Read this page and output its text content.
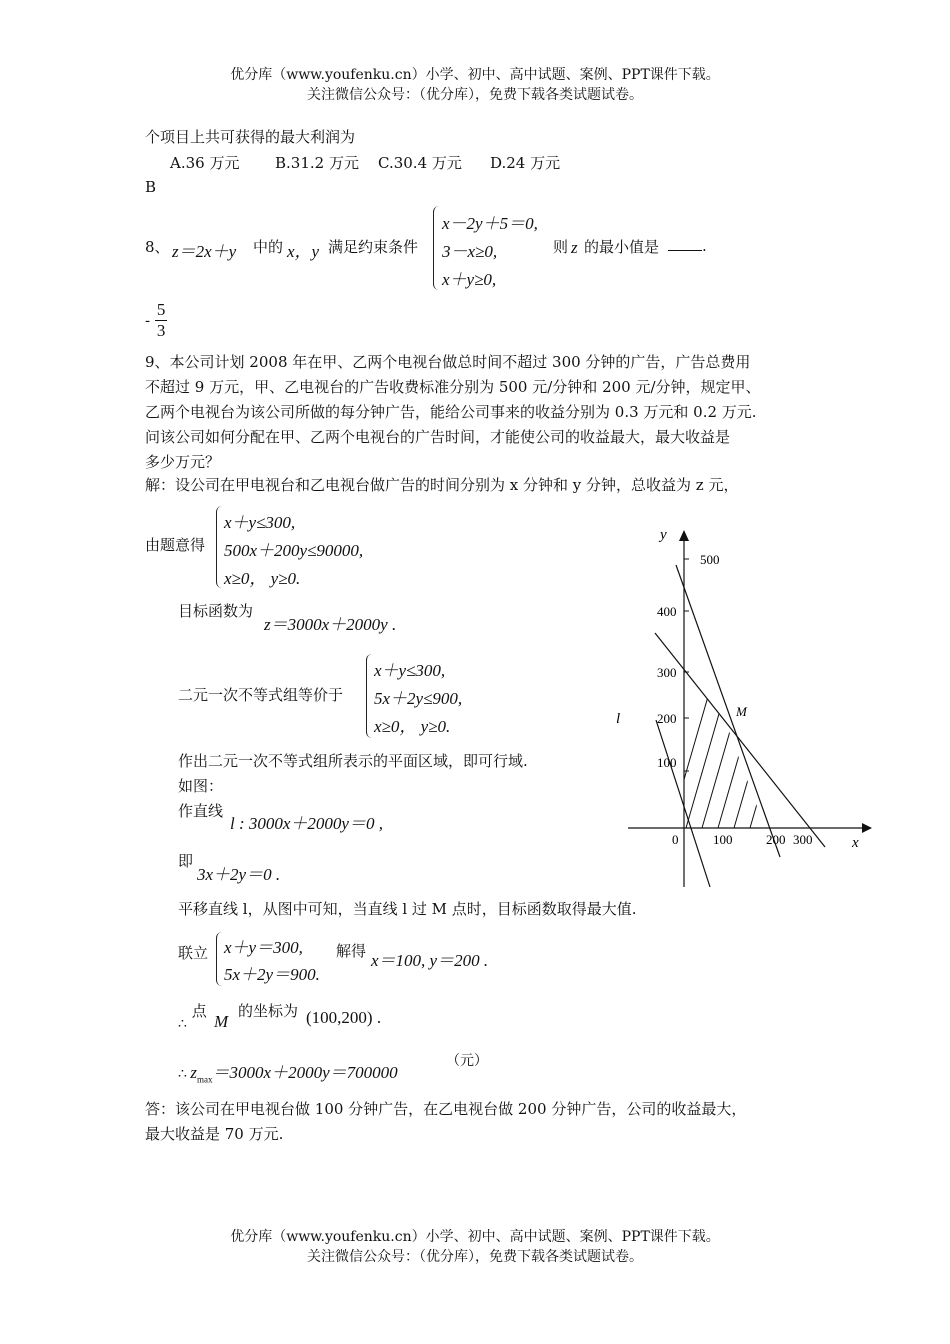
优分库（www.youfenku.cn）小学、初中、高中试题、案例、PPT课件下载。
关注微信公众号：（优分库），免费下载各类试题试卷。
个项目上共可获得的最大利润为
A.36 万元 B.31.2 万元 C.30.4 万元 D.24 万元
B
8、 z＝2x＋y 中的 x，y 满足约束条件
x－2y＋5＝0,
3－x≥0,
x＋y≥0,
则 z 的最小值是	.
- $\frac{5}{3}$
9、本公司计划 2008 年在甲、乙两个电视台做总时间不超过 300 分钟的广告，广告总费用
不超过 9 万元，甲、乙电视台的广告收费标准分别为 500 元/分钟和 200 元/分钟，规定甲、
乙两个电视台为该公司所做的每分钟广告，能给公司事来的收益分别为 0.3 万元和 0.2 万元.
问该公司如何分配在甲、乙两个电视台的广告时间，才能使公司的收益最大，最大收益是
多少万元？
解：设公司在甲电视台和乙电视台做广告的时间分别为 x 分钟和 y 分钟，总收益为 z 元，
由题意得
x＋y≤300,
500x＋200y≤90000,
x≥0， y≥0.
目标函数为
z＝3000x＋2000y .
二元一次不等式组等价于
x＋y≤300,
5x＋2y≤900,
x≥0， y≥0.
作出二元一次不等式组所表示的平面区域，即可行域.
如图：
作直线
l : 3000x＋2000y＝0 ,
即
3x＋2y＝0 .
平移直线 l，从图中可知，当直线 l 过 M 点时，目标函数取得最大值.
联立 x＋y＝300,
5x＋2y＝900.
解得 x＝100, y＝200 .
∴ 点
M
的坐标为 (100,200) .
∴ $z_{max}=3000x+2000y=700000$
（元）
答：该公司在甲电视台做 100 分钟广告，在乙电视台做 200 分钟广告，公司的收益最大，
最大收益是 70 万元.
y
x
0	100	200 300
100
200
300
400
500
M
l
优分库（www.youfenku.cn）小学、初中、高中试题、案例、PPT课件下载。
关注微信公众号：（优分库），免费下载各类试题试卷。
